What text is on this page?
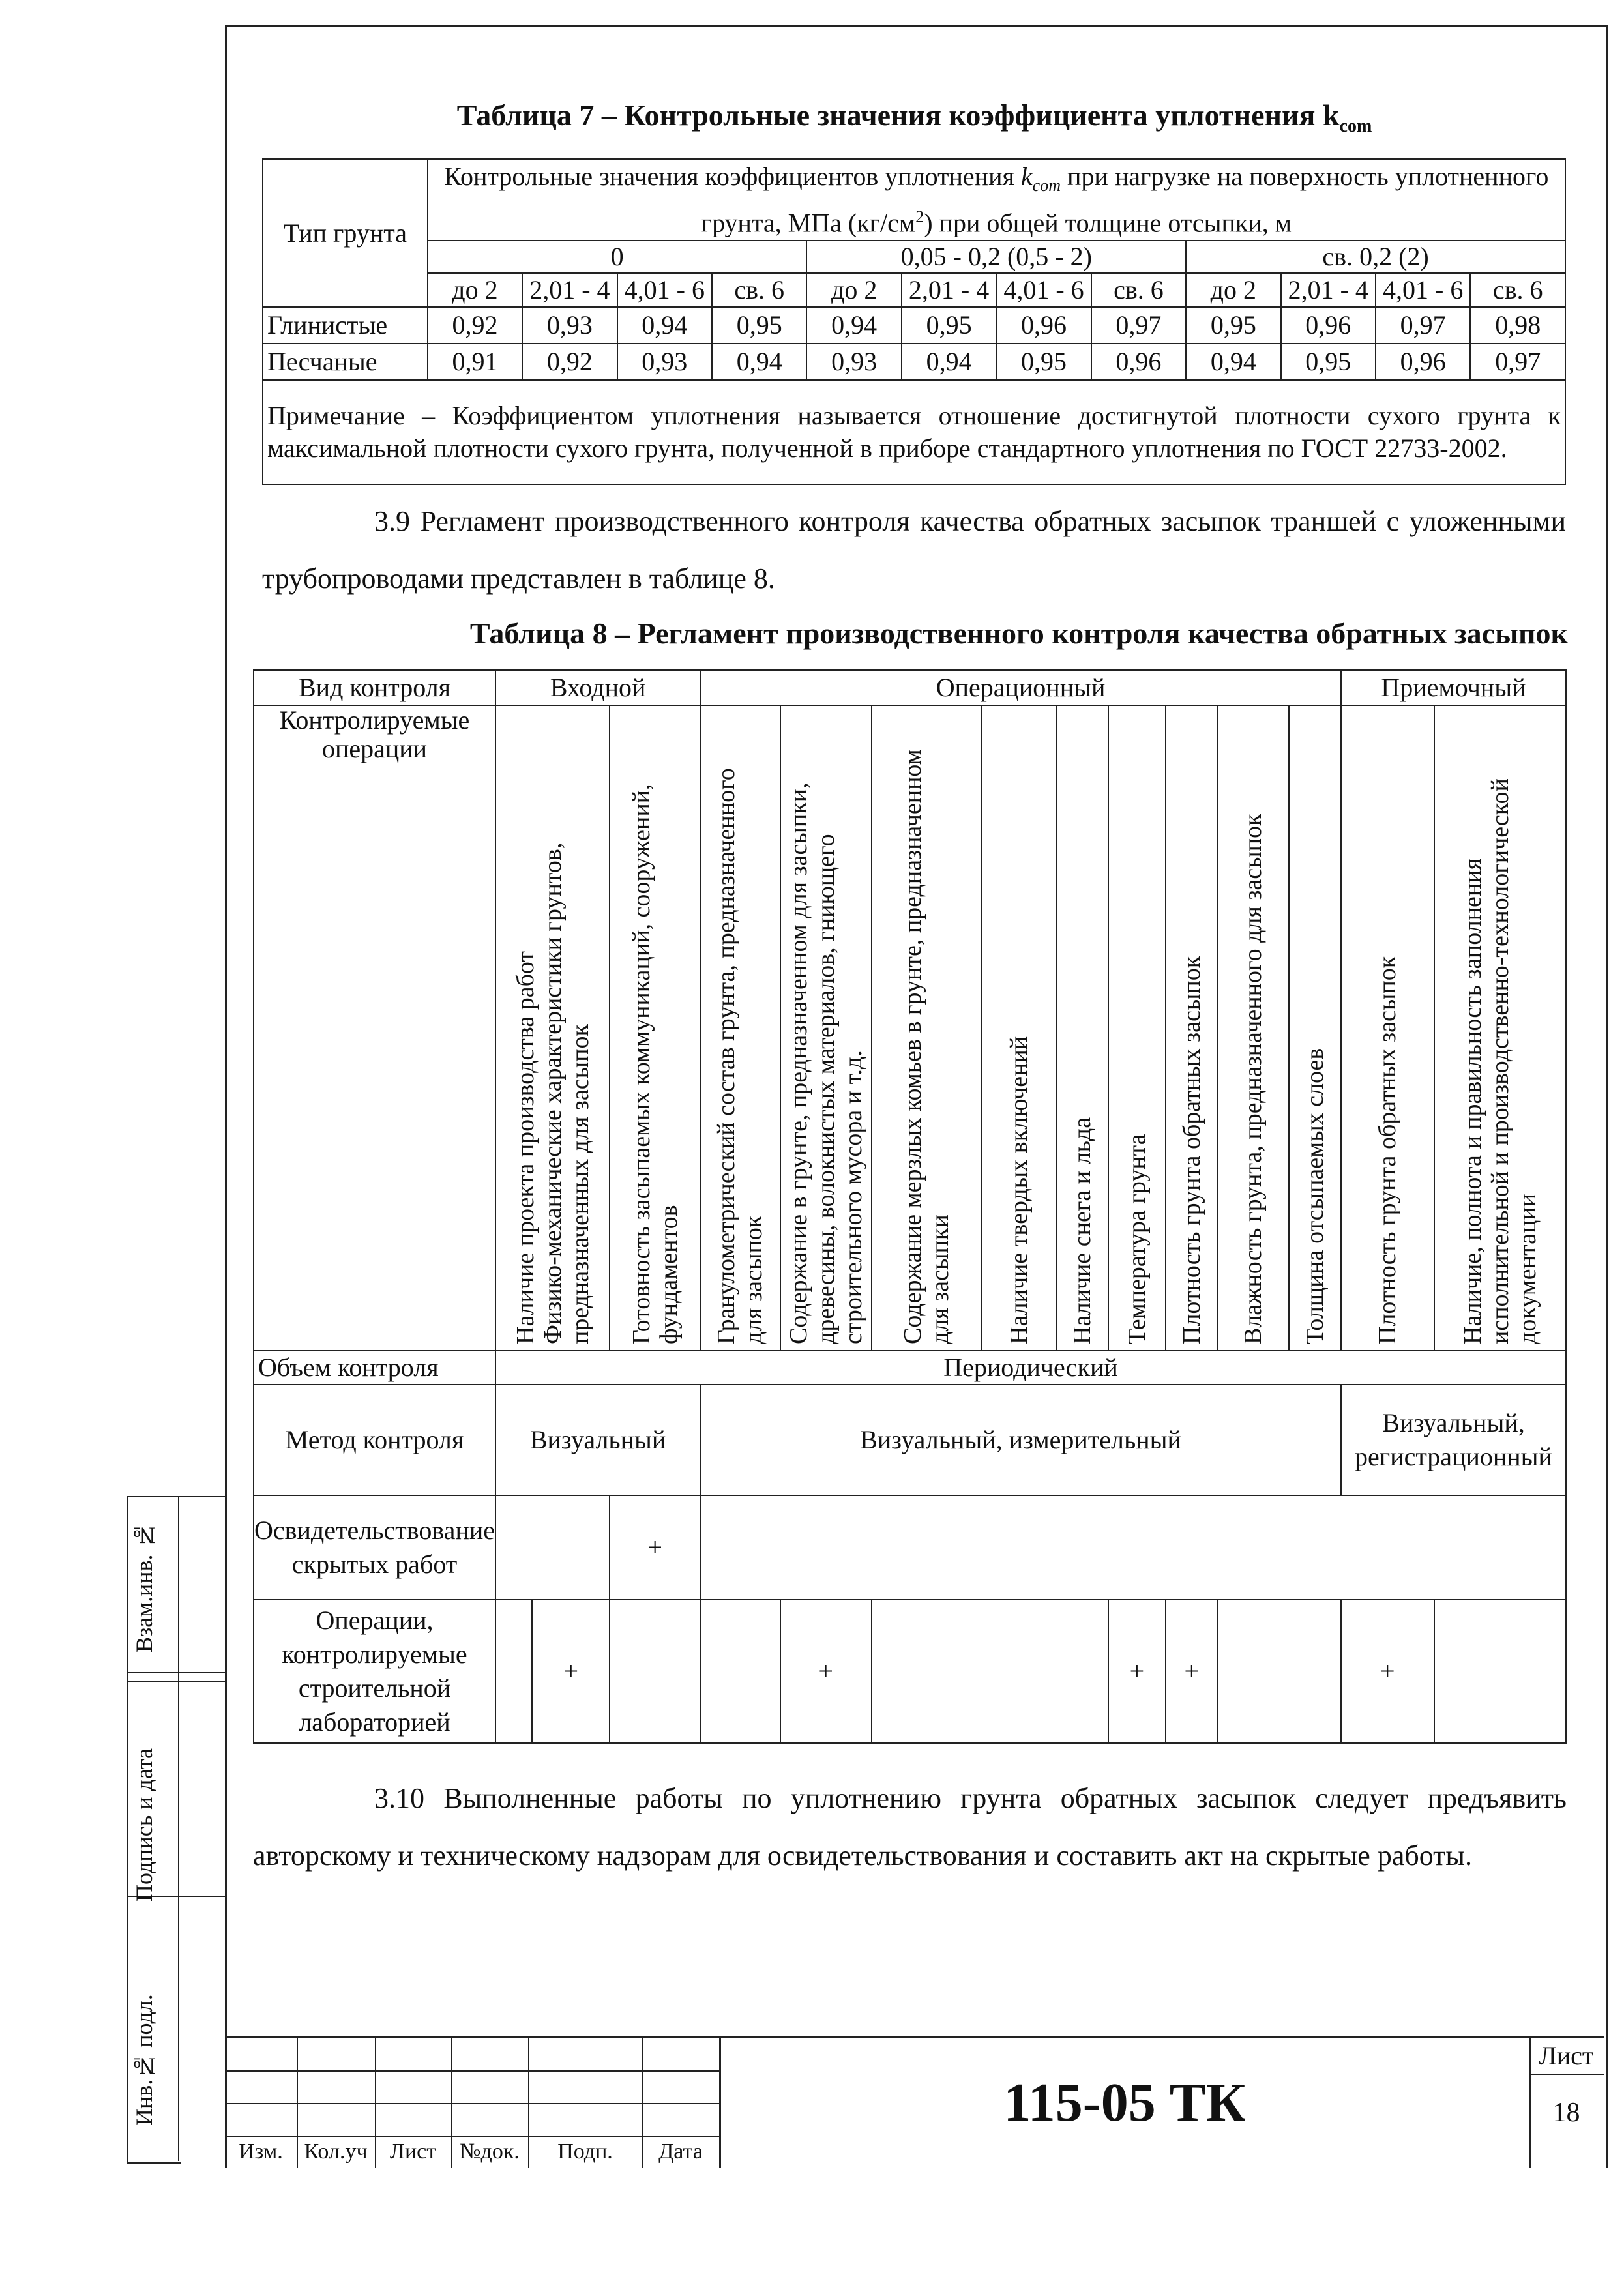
Взам.инв. №
Подпись и дата
Инв.№ подл.
Таблица 7 – Контрольные значения коэффициента уплотнения $k_{com}$
Тип грунта	Контрольные значения коэффициентов уплотнения $k_{com}$ при нагрузке на поверхность уплотненного грунта, МПа $(кг/см^2)$ при общей толщине отсыпки, м											
	0				0,05 - 0,2 (0,5 - 2)				св. 0,2 (2)			
	до 2	2,01 - 4	4,01 - 6	св. 6	до 2	2,01 - 4	4,01 - 6	св. 6	до 2	2,01 - 4	4,01 - 6	св. 6
Глинистые	0,92	0,93	0,94	0,95	0,94	0,95	0,96	0,97	0,95	0,96	0,97	0,98
Песчаные	0,91	0,92	0,93	0,94	0,93	0,94	0,95	0,96	0,94	0,95	0,96	0,97
Примечание – Коэффициентом уплотнения называется отношение достигнутой плотности сухого грунта к максимальной плотности сухого грунта, полученной в приборе стандартного уплотнения по ГОСТ 22733-2002.												
3.9 Регламент производственного контроля качества обратных засыпок траншей с уложенными трубопроводами представлен в таблице 8.
Таблица 8 – Регламент производственного контроля качества обратных засыпок
Вид контроля	Входной			Операционный									Приемочный	
Контролируемые операции	Наличие проекта производства работФизико-механические характеристики грунтов, предназначенных для засыпок		Готовность засыпаемых коммуникаций, сооружений, фундаментов	Гранулометрический состав грунта, предназначенного для засыпок	Содержание в грунте, предназначенном для засыпки, древесины, волокнистых материалов, гниющего строительного мусора и т.д.	Содержание мерзлых комьев в грунте, предназначенном для засыпки	Наличие твердых включений	Наличие снега и льда	Температура грунта	Плотность грунта обратных засыпок	Влажность грунта, предназначенного для засыпок	Толщина отсыпаемых слоев	Плотность грунта обратных засыпок	Наличие, полнота и правильность заполнения исполнительной и производственно-технологической документации
Объем контроля	Периодический													
Метод контроля	Визуальный			Визуальный, измерительный									Визуальный, регистрационный	
Освидетельствование скрытых работ			+											
Операции, контролируемые строительной лабораторией		+			+				+	+			+	
3.10 Выполненные работы по уплотнению грунта обратных засыпок следует предъявить авторскому и техническому надзорам для освидетельствования и составить акт на скрытые работы.
Изм. Кол.уч	Лист	№док.	Подп.	Дата
115-05 ТК
Лист
18
